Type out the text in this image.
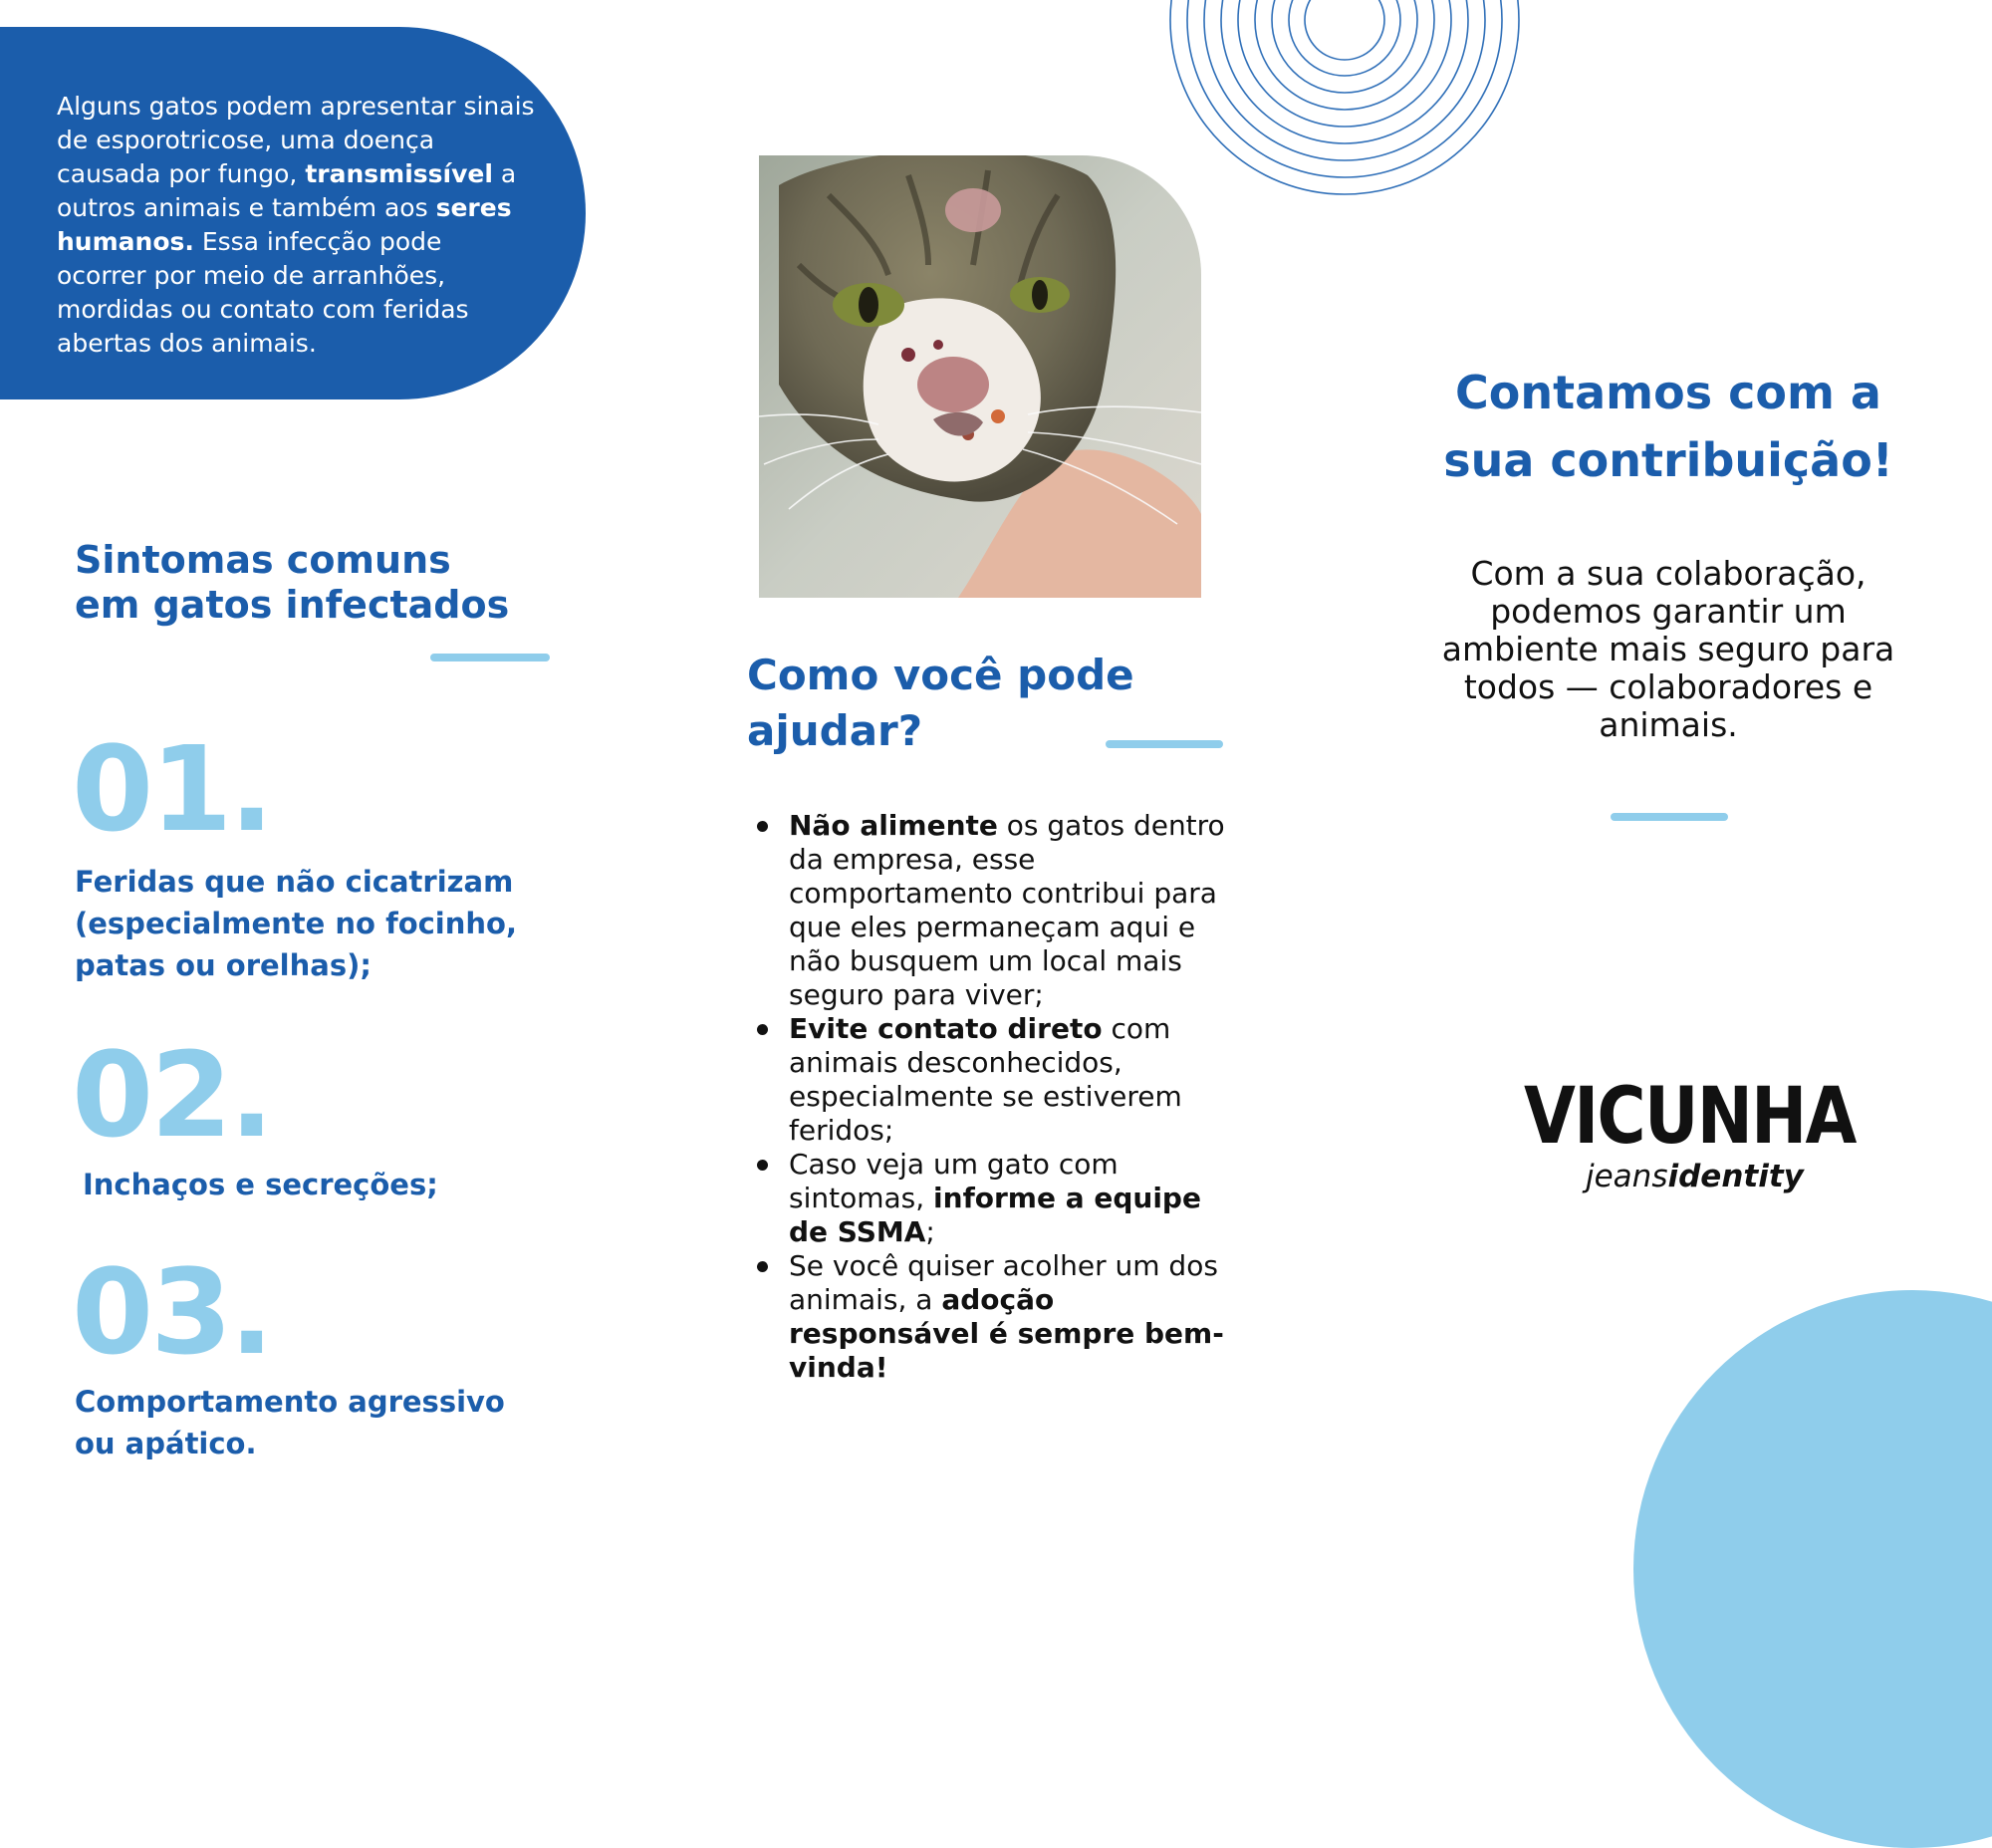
Alguns gatos podem apresentar sinais de esporotricose, uma doença causada por fungo, transmissível a outros animais e também aos seres humanos. Essa infecção pode ocorrer por meio de arranhões, mordidas ou contato com feridas abertas dos animais.
Sintomas comuns em gatos infectados
01.
Feridas que não cicatrizam (especialmente no focinho, patas ou orelhas);
02.
Inchaços e secreções;
03.
Comportamento agressivo ou apático.
Como você pode ajudar?
Não alimente os gatos dentro da empresa, esse comportamento contribui para que eles permaneçam aqui e não busquem um local mais seguro para viver;
Evite contato direto com animais desconhecidos, especialmente se estiverem feridos;
Caso veja um gato com sintomas, informe a equipe de SSMA;
Se você quiser acolher um dos animais, a adoção responsável é sempre bem-vinda!
Contamos com a sua contribuição!
Com a sua colaboração, podemos garantir um ambiente mais seguro para todos — colaboradores e animais.
VICUNHA
jeansidentity
